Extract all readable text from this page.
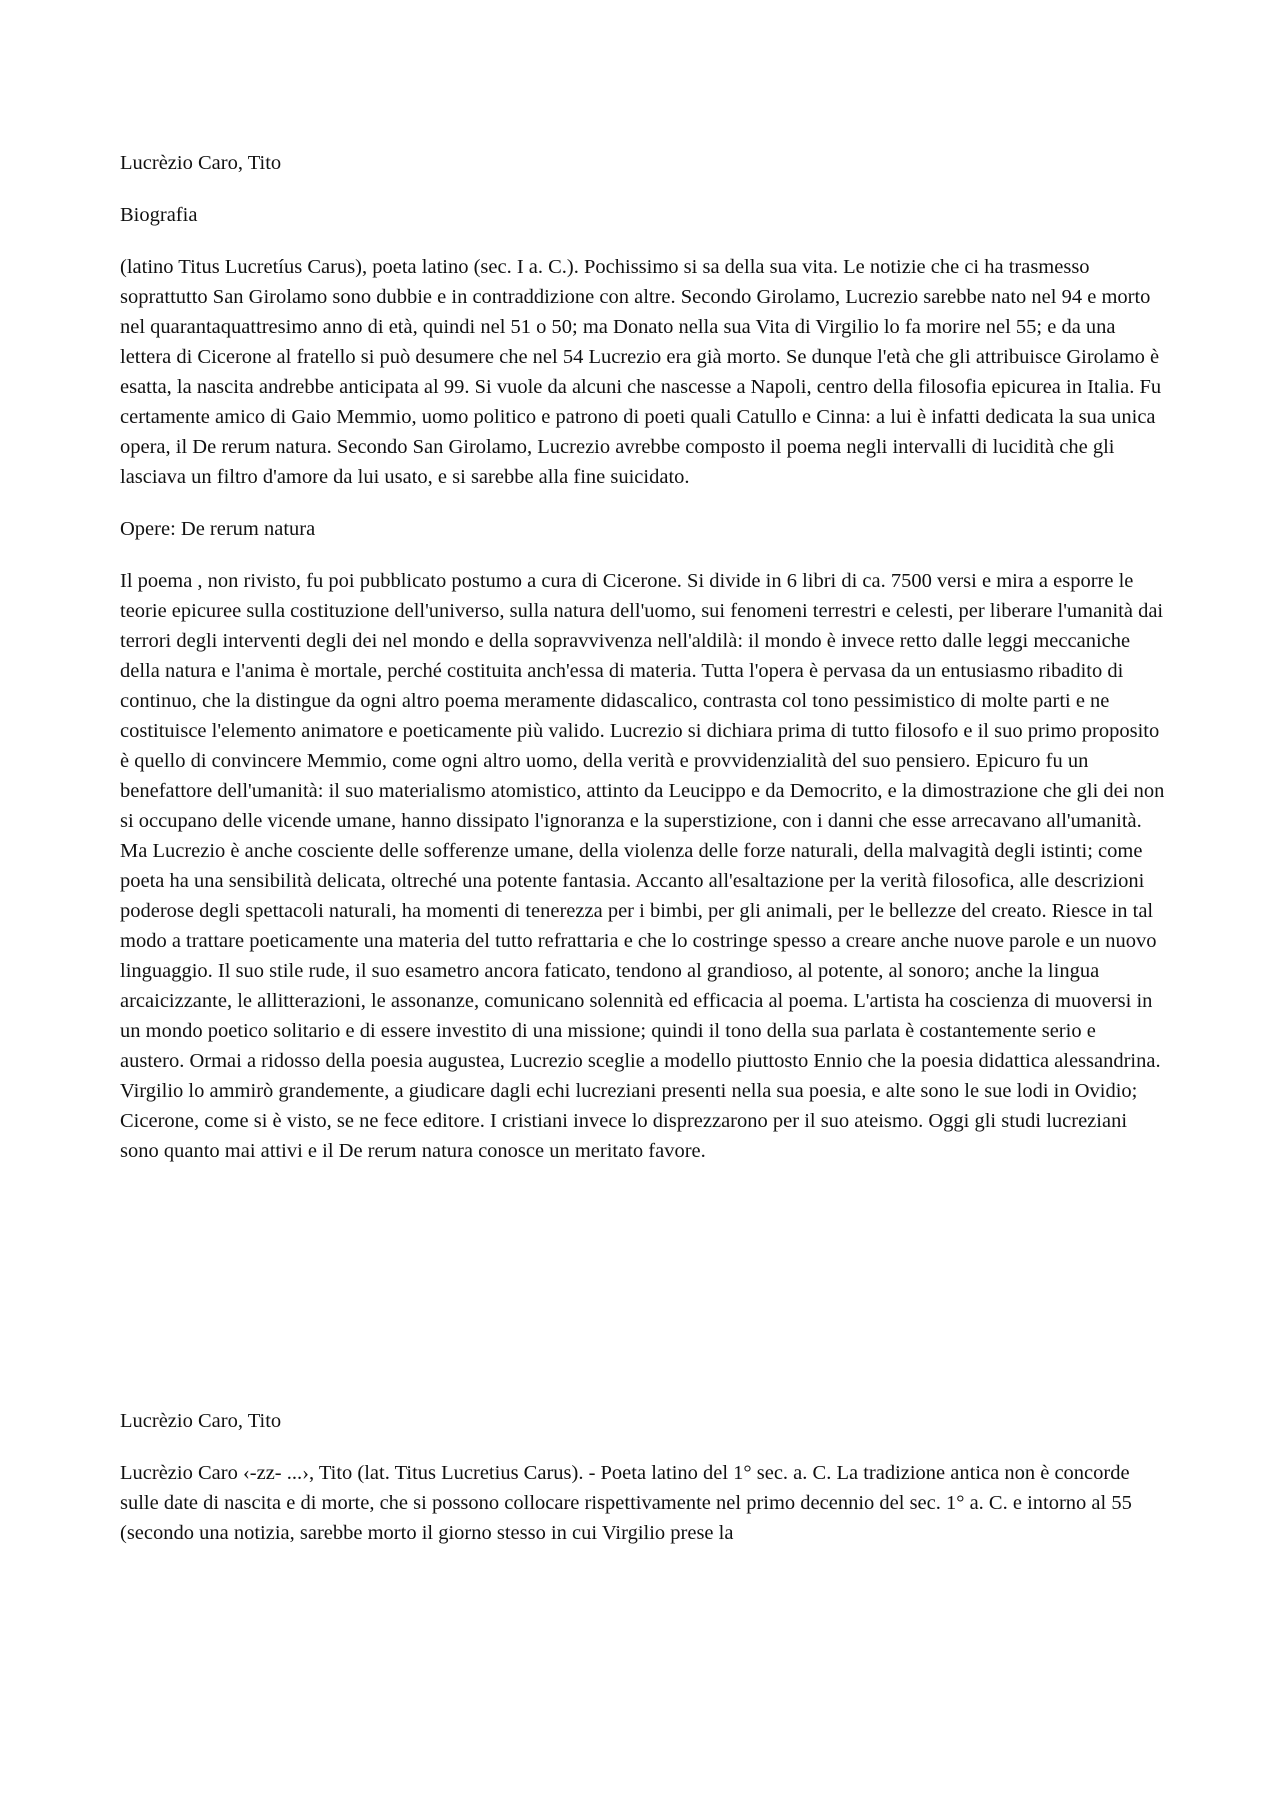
Lucrèzio Caro, Tito

Biografia

(latino Titus Lucretíus Carus), poeta latino (sec. I a. C.). Pochissimo si sa della sua vita. Le notizie che ci ha trasmesso soprattutto San Girolamo sono dubbie e in contraddizione con altre. Secondo Girolamo, Lucrezio sarebbe nato nel 94 e morto nel quarantaquattresimo anno di età, quindi nel 51 o 50; ma Donato nella sua Vita di Virgilio lo fa morire nel 55; e da una lettera di Cicerone al fratello si può desumere che nel 54 Lucrezio era già morto. Se dunque l'età che gli attribuisce Girolamo è esatta, la nascita andrebbe anticipata al 99. Si vuole da alcuni che nascesse a Napoli, centro della filosofia epicurea in Italia. Fu certamente amico di Gaio Memmio, uomo politico e patrono di poeti quali Catullo e Cinna: a lui è infatti dedicata la sua unica opera, il De rerum natura. Secondo San Girolamo, Lucrezio avrebbe composto il poema negli intervalli di lucidità che gli lasciava un filtro d'amore da lui usato, e si sarebbe alla fine suicidato.

Opere: De rerum natura

Il poema , non rivisto, fu poi pubblicato postumo a cura di Cicerone. Si divide in 6 libri di ca. 7500 versi e mira a esporre le teorie epicuree sulla costituzione dell'universo, sulla natura dell'uomo, sui fenomeni terrestri e celesti, per liberare l'umanità dai terrori degli interventi degli dei nel mondo e della sopravvivenza nell'aldilà: il mondo è invece retto dalle leggi meccaniche della natura e l'anima è mortale, perché costituita anch'essa di materia. Tutta l'opera è pervasa da un entusiasmo ribadito di continuo, che la distingue da ogni altro poema meramente didascalico, contrasta col tono pessimistico di molte parti e ne costituisce l'elemento animatore e poeticamente più valido. Lucrezio si dichiara prima di tutto filosofo e il suo primo proposito è quello di convincere Memmio, come ogni altro uomo, della verità e provvidenzialità del suo pensiero. Epicuro fu un benefattore dell'umanità: il suo materialismo atomistico, attinto da Leucippo e da Democrito, e la dimostrazione che gli dei non si occupano delle vicende umane, hanno dissipato l'ignoranza e la superstizione, con i danni che esse arrecavano all'umanità. Ma Lucrezio è anche cosciente delle sofferenze umane, della violenza delle forze naturali, della malvagità degli istinti; come poeta ha una sensibilità delicata, oltreché una potente fantasia. Accanto all'esaltazione per la verità filosofica, alle descrizioni poderose degli spettacoli naturali, ha momenti di tenerezza per i bimbi, per gli animali, per le bellezze del creato. Riesce in tal modo a trattare poeticamente una materia del tutto refrattaria e che lo costringe spesso a creare anche nuove parole e un nuovo linguaggio. Il suo stile rude, il suo esametro ancora faticato, tendono al grandioso, al potente, al sonoro; anche la lingua arcaicizzante, le allitterazioni, le assonanze, comunicano solennità ed efficacia al poema. L'artista ha coscienza di muoversi in un mondo poetico solitario e di essere investito di una missione; quindi il tono della sua parlata è costantemente serio e austero. Ormai a ridosso della poesia augustea, Lucrezio sceglie a modello piuttosto Ennio che la poesia didattica alessandrina. Virgilio lo ammirò grandemente, a giudicare dagli echi lucreziani presenti nella sua poesia, e alte sono le sue lodi in Ovidio; Cicerone, come si è visto, se ne fece editore. I cristiani invece lo disprezzarono per il suo ateismo. Oggi gli studi lucreziani sono quanto mai attivi e il De rerum natura conosce un meritato favore.

Lucrèzio Caro, Tito

Lucrèzio Caro ‹-zz- ...›, Tito (lat. Titus Lucretius Carus). - Poeta latino del 1° sec. a. C. La tradizione antica non è concorde sulle date di nascita e di morte, che si possono collocare rispettivamente nel primo decennio del sec. 1° a. C. e intorno al 55 (secondo una notizia, sarebbe morto il giorno stesso in cui Virgilio prese la
